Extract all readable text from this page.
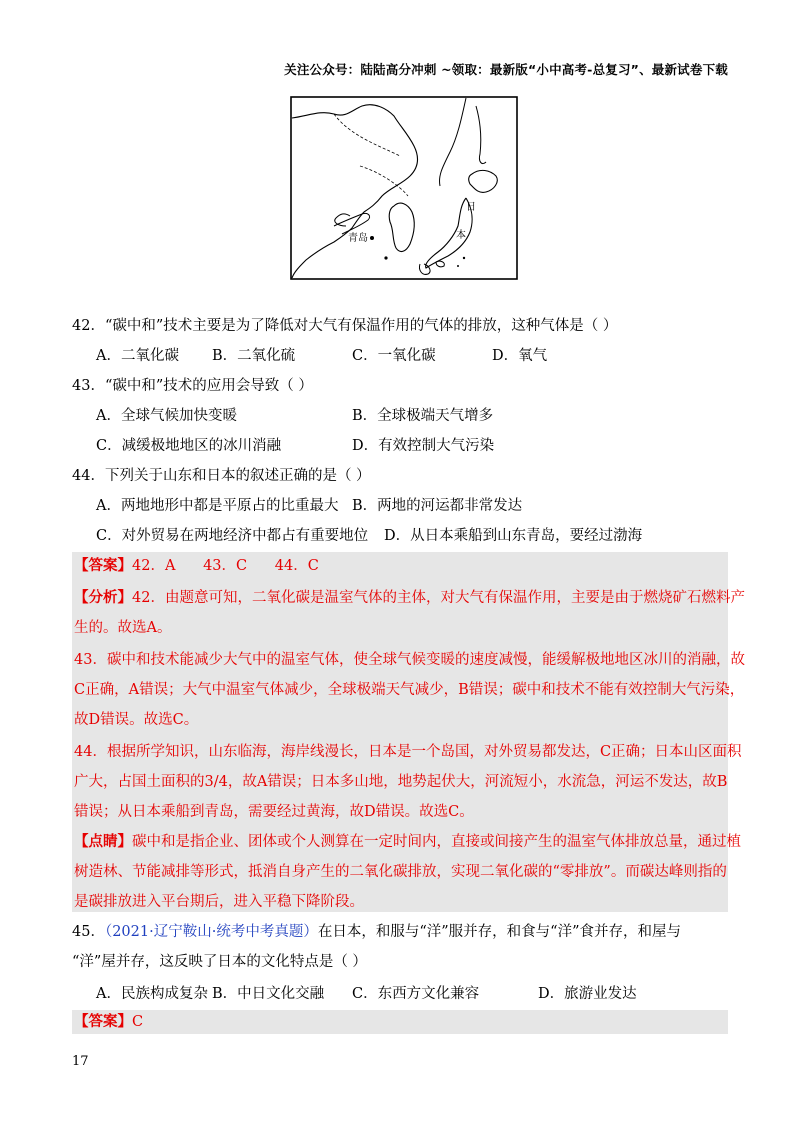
关注公众号：陆陆高分冲刺 ~领取：最新版“小中高考-总复习”、最新试卷下载
青岛
日
本
42．“碳中和”技术主要是为了降低对大气有保温作用的气体的排放，这种气体是（ ）
A．二氧化碳 B．二氧化硫	C．一氧化碳	D．氧气
43．“碳中和”技术的应用会导致（ ）
A．全球气候加快变暖	B．全球极端天气增多
C．减缓极地地区的冰川消融	D．有效控制大气污染
44．下列关于山东和日本的叙述正确的是（ ）
A．两地地形中都是平原占的比重最大 B．两地的河运都非常发达
C．对外贸易在两地经济中都占有重要地位 D．从日本乘船到山东青岛，要经过渤海
【答案】42．A      43．C      44．C
【分析】42．由题意可知，二氧化碳是温室气体的主体，对大气有保温作用，主要是由于燃烧矿石燃料产
生的。故选A。
43．碳中和技术能减少大气中的温室气体，使全球气候变暖的速度减慢，能缓解极地地区冰川的消融，故
C正确，A错误；大气中温室气体减少，全球极端天气减少，B错误；碳中和技术不能有效控制大气污染，
故D错误。故选C。
44．根据所学知识，山东临海，海岸线漫长，日本是一个岛国，对外贸易都发达，C正确；日本山区面积
广大，占国土面积的3/4，故A错误；日本多山地，地势起伏大，河流短小，水流急，河运不发达，故B
错误；从日本乘船到青岛，需要经过黄海，故D错误。故选C。
【点睛】碳中和是指企业、团体或个人测算在一定时间内，直接或间接产生的温室气体排放总量，通过植
树造林、节能减排等形式，抵消自身产生的二氧化碳排放，实现二氧化碳的“零排放”。而碳达峰则指的
是碳排放进入平台期后，进入平稳下降阶段。
45．（2021·辽宁鞍山·统考中考真题）在日本，和服与“洋”服并存，和食与“洋”食并存，和屋与
“洋”屋并存，这反映了日本的文化特点是（ ）
A．民族构成复杂 B．中日文化交融 C．东西方文化兼容	D．旅游业发达
【答案】C
17
